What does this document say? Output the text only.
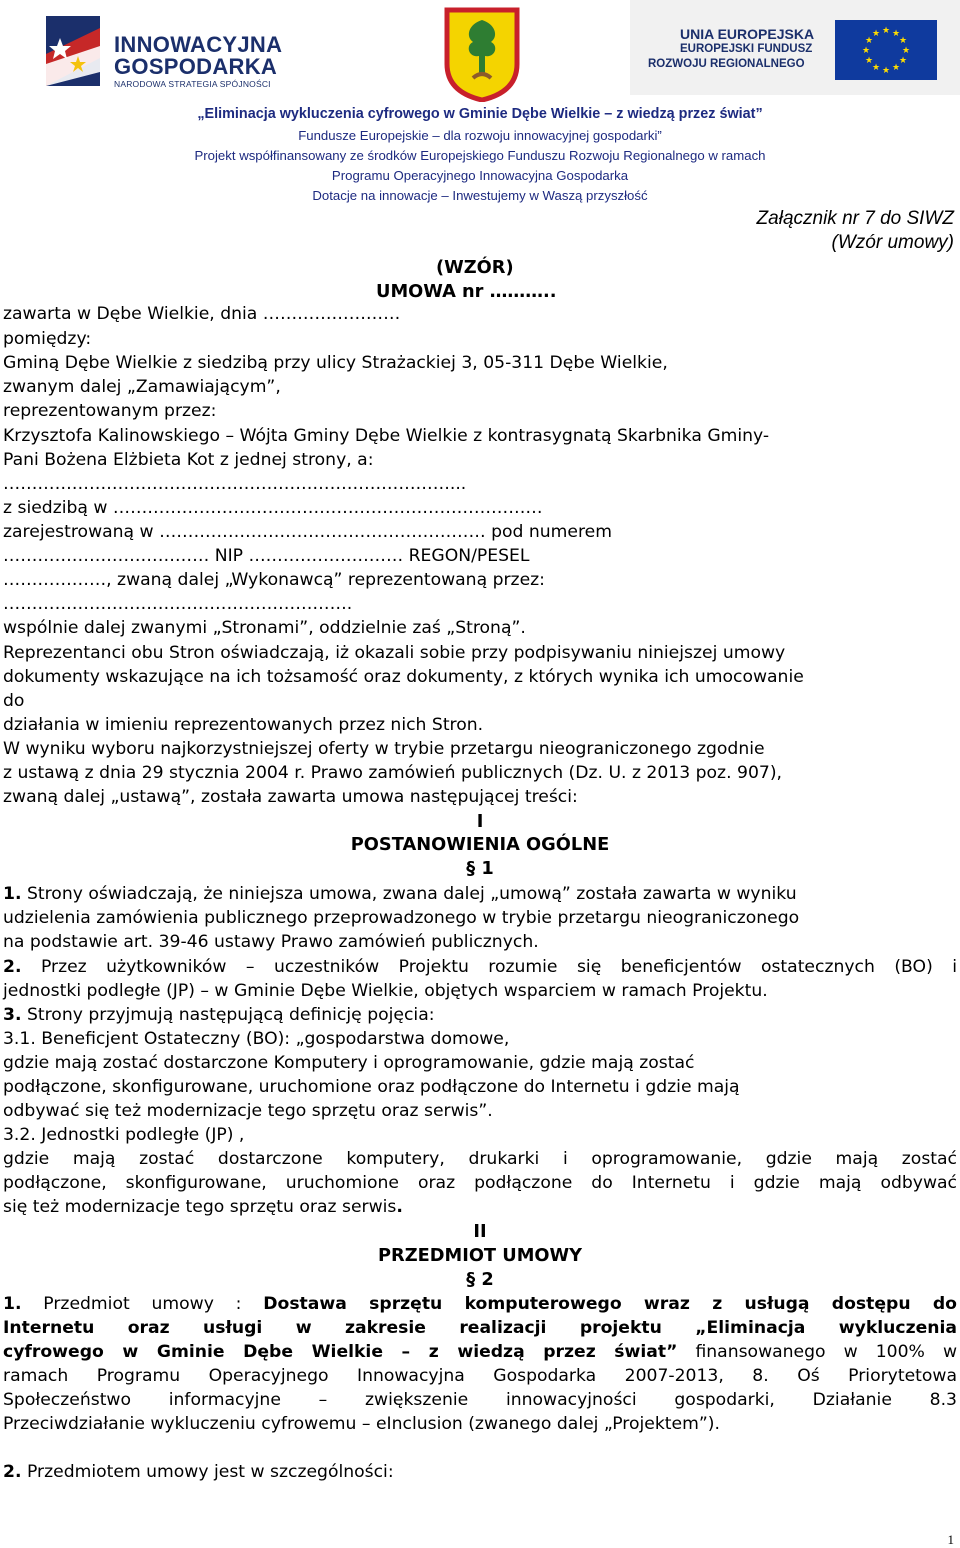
INNOWACYJNA
GOSPODARKA
NARODOWA STRATEGIA SPÓJNOŚCI
UNIA EUROPEJSKA
EUROPEJSKI FUNDUSZ
ROZWOJU REGIONALNEGO
★ ★
★
★
★
★
★
★
★
★
★
★
„Eliminacja wykluczenia cyfrowego w Gminie Dębe Wielkie – z wiedzą przez świat”
Fundusze Europejskie – dla rozwoju innowacyjnej gospodarki”
Projekt współfinansowany ze środków Europejskiego Funduszu Rozwoju Regionalnego w ramach
Programu Operacyjnego Innowacyjna Gospodarka
Dotacje na innowacje – Inwestujemy w Waszą przyszłość
Załącznik nr 7 do SIWZ
(Wzór umowy)
(WZÓR)
UMOWA nr ………..
zawarta w Dębe Wielkie, dnia ……………………
pomiędzy:
Gminą Dębe Wielkie z siedzibą przy ulicy Strażackiej 3, 05-311 Dębe Wielkie,
zwanym dalej „Zamawiającym”,
reprezentowanym przez:
Krzysztofa Kalinowskiego – Wójta Gminy Dębe Wielkie z kontrasygnatą Skarbnika Gminy-
Pani Bożena Elżbieta Kot z jednej strony, a:
……………………………………………………………………...
z siedzibą w …………………………………………………………………
zarejestrowaną w ………………………………………………… pod numerem
……………………………… NIP ……………………… REGON/PESEL
………………, zwaną dalej „Wykonawcą” reprezentowaną przez:
…………………………………………………….
wspólnie dalej zwanymi „Stronami”, oddzielnie zaś „Stroną”.
Reprezentanci obu Stron oświadczają, iż okazali sobie przy podpisywaniu niniejszej umowy
dokumenty wskazujące na ich tożsamość oraz dokumenty, z których wynika ich umocowanie
do
działania w imieniu reprezentowanych przez nich Stron.
W wyniku wyboru najkorzystniejszej oferty w trybie przetargu nieograniczonego zgodnie
z ustawą z dnia 29 stycznia 2004 r. Prawo zamówień publicznych (Dz. U. z 2013 poz. 907),
zwaną dalej „ustawą”, została zawarta umowa następującej treści:
I
POSTANOWIENIA OGÓLNE
§ 1
1. Strony oświadczają, że niniejsza umowa, zwana dalej „umową” została zawarta w wyniku
udzielenia zamówienia publicznego przeprowadzonego w trybie przetargu nieograniczonego
na podstawie art. 39-46 ustawy Prawo zamówień publicznych.
2. Przez użytkowników – uczestników Projektu rozumie się beneficjentów ostatecznych (BO) i
jednostki podległe (JP) – w Gminie Dębe Wielkie, objętych wsparciem w ramach Projektu.
3. Strony przyjmują następującą definicję pojęcia:
3.1. Beneficjent Ostateczny (BO): „gospodarstwa domowe,
gdzie mają zostać dostarczone Komputery i oprogramowanie, gdzie mają zostać
podłączone, skonfigurowane, uruchomione oraz podłączone do Internetu i gdzie mają
odbywać się też modernizacje tego sprzętu oraz serwis”.
3.2. Jednostki podległe (JP) ,
gdzie mają zostać dostarczone komputery, drukarki i oprogramowanie, gdzie mają zostać
podłączone, skonfigurowane, uruchomione oraz podłączone do Internetu i gdzie mają odbywać
się też modernizacje tego sprzętu oraz serwis.
II
PRZEDMIOT UMOWY
§ 2
1. Przedmiot umowy : Dostawa sprzętu komputerowego wraz z usługą dostępu do
Internetu oraz usługi w zakresie realizacji projektu „Eliminacja wykluczenia
cyfrowego w Gminie Dębe Wielkie – z wiedzą przez świat” finansowanego w 100% w
ramach Programu Operacyjnego Innowacyjna Gospodarka 2007-2013, 8. Oś Priorytetowa
Społeczeństwo informacyjne – zwiększenie innowacyjności gospodarki, Działanie 8.3
Przeciwdziałanie wykluczeniu cyfrowemu – eInclusion (zwanego dalej „Projektem”).
2. Przedmiotem umowy jest w szczególności:
1
